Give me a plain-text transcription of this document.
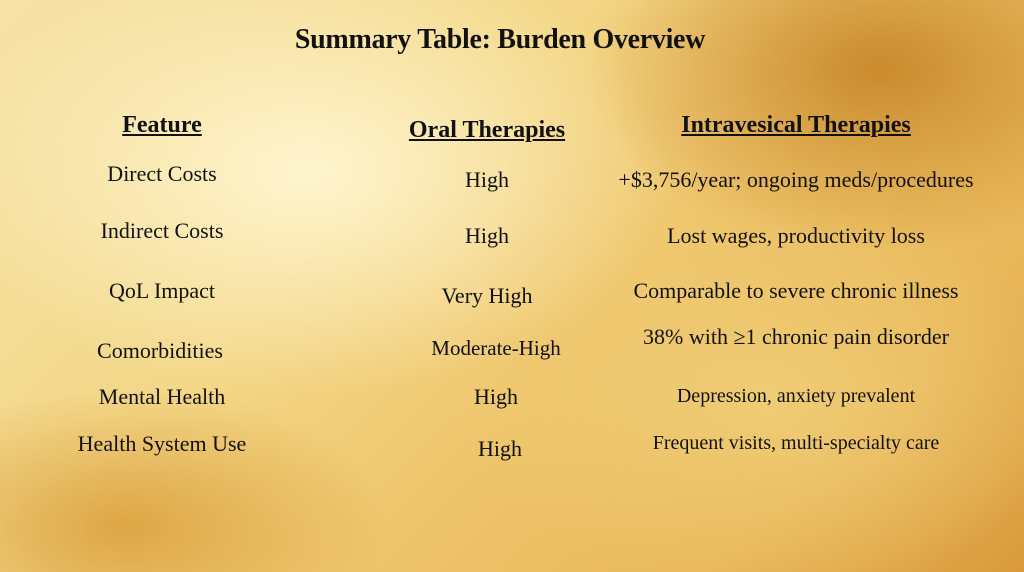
Summary Table: Burden Overview
Feature	Oral Therapies	Intravesical Therapies
Direct Costs	High	+$3,756/year; ongoing meds/procedures
Indirect Costs	High	Lost wages, productivity loss
QoL Impact	Very High	Comparable to severe chronic illness
Comorbidities	Moderate-High	38% with ≥1 chronic pain disorder
Mental Health	High	Depression, anxiety prevalent
Health System Use	High	Frequent visits, multi-specialty care
